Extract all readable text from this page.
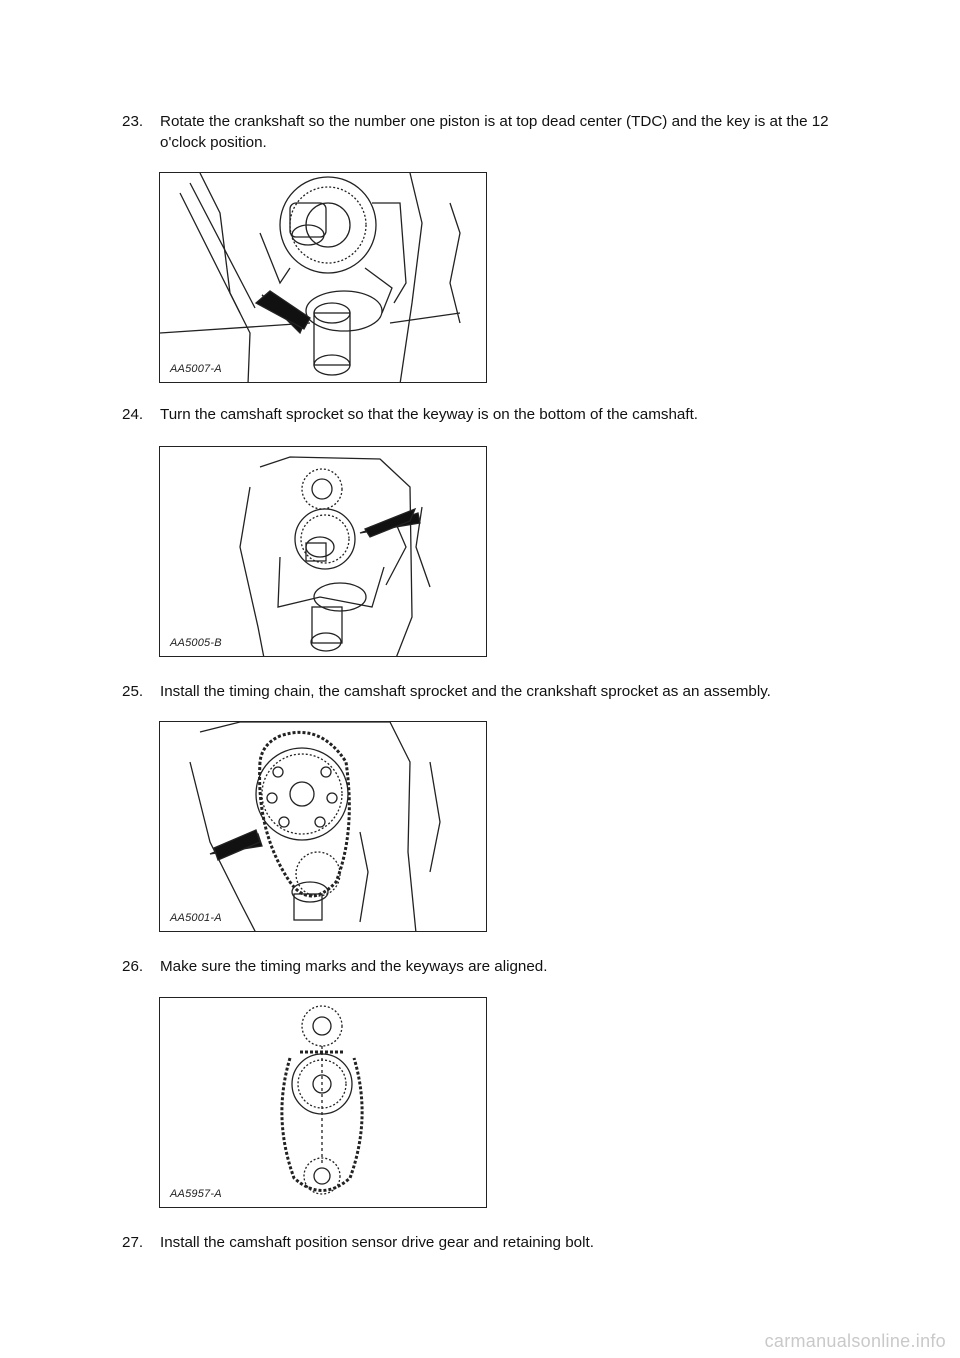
23. Rotate the crankshaft so the number one piston is at top dead center (TDC) and the key is at the 12 o'clock position.
AA5007-A
24. Turn the camshaft sprocket so that the keyway is on the bottom of the camshaft.
AA5005-B
25. Install the timing chain, the camshaft sprocket and the crankshaft sprocket as an assembly.
AA5001-A
26. Make sure the timing marks and the keyways are aligned.
AA5957-A
27. Install the camshaft position sensor drive gear and retaining bolt.
carmanualsonline.info
